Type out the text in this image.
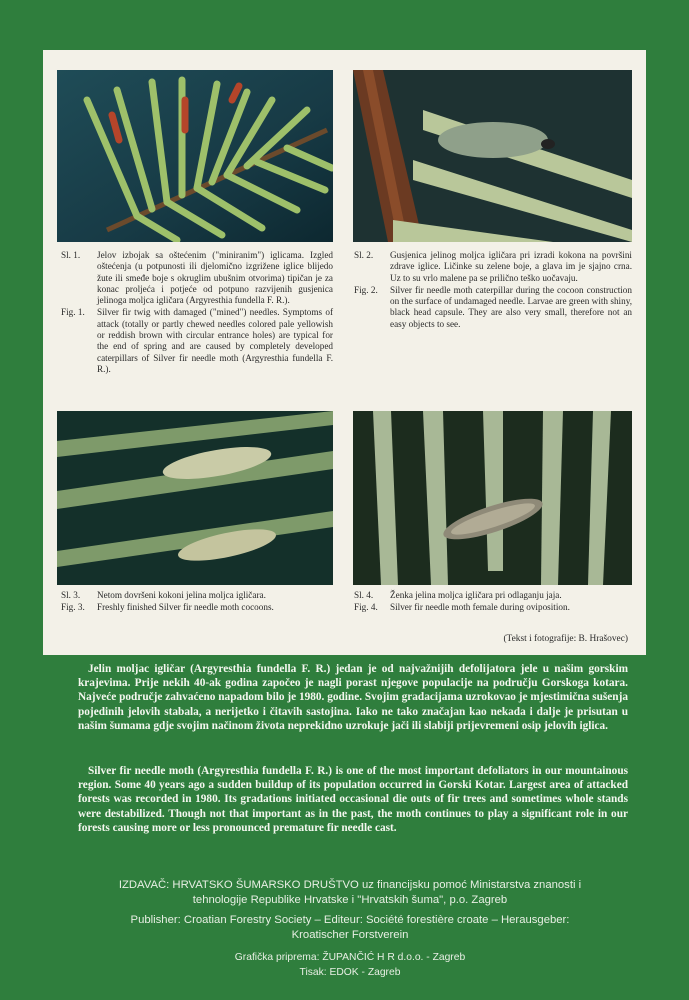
Sl. 1.	Jelov izbojak sa oštećenim ("miniranim") iglicama. Izgled oštećenja (u potpunosti ili djelomično izgrižene iglice blijedo žute ili smeđe boje s okruglim ubušnim otvorima) tipičan je za konac proljeća i potjeće od potpuno razvijenih gusjenica jelinoga moljca igličara (Argyresthia fundella F. R.).
Fig. 1.	Silver fir twig with damaged ("mined") needles. Symptoms of attack (totally or partly chewed needles colored pale yellowish or reddish brown with circular entrance holes) are typical for the end of spring and are caused by completely developed caterpillars of Silver fir needle moth (Argyresthia fundella F. R.).
Sl. 2.	Gusjenica jelinog moljca igličara pri izradi kokona na površini zdrave iglice. Ličinke su zelene boje, a glava im je sjajno crna. Uz to su vrlo malene pa se prilično teško uočavaju.
Fig. 2.	Silver fir needle moth caterpillar during the cocoon construction on the surface of undamaged needle. Larvae are green with shiny, black head capsule. They are also very small, therefore not an easy objects to see.
Sl. 3.	Netom dovršeni kokoni jelina moljca igličara.
Fig. 3.	Freshly finished Silver fir needle moth cocoons.
Sl. 4.	Ženka jelina moljca igličara pri odlaganju jaja.
Fig. 4.	Silver fir needle moth female during oviposition.
(Tekst i fotografije: B. Hrašovec)

Jelin moljac igličar (Argyresthia fundella F. R.) jedan je od najvažnijih defolijatora jele u našim gorskim krajevima. Prije nekih 40-ak godina započeo je nagli porast njegove populacije na području Gorskoga kotara. Najveće područje zahvaćeno napadom bilo je 1980. godine. Svojim gradacijama uzrokovao je mjestimična sušenja pojedinih jelovih stabala, a nerijetko i čitavih sastojina. Iako ne tako značajan kao nekada i dalje je prisutan u našim šumama gdje svojim načinom života neprekidno uzrokuje jači ili slabiji prijevremeni osip jelovih iglica.

Silver fir needle moth (Argyresthia fundella F. R.) is one of the most important defoliators in our mountainous region. Some 40 years ago a sudden buildup of its population occurred in Gorski Kotar. Largest area of attacked forests was recorded in 1980. Its gradations initiated occasional die outs of fir trees and sometimes whole stands were destabilized. Though not that important as in the past, the moth continues to play a significant role in our forests causing more or less pronounced premature fir needle cast.

IZDAVAČ: HRVATSKO ŠUMARSKO DRUŠTVO uz financijsku pomoć Ministarstva znanosti i tehnologije Republike Hrvatske i "Hrvatskih šuma", p.o. Zagreb
Publisher: Croatian Forestry Society – Editeur: Société forestière croate – Herausgeber: Kroatischer Forstverein
Grafička priprema: ŽUPANČIĆ H R d.o.o. - Zagreb
Tisak: EDOK - Zagreb
